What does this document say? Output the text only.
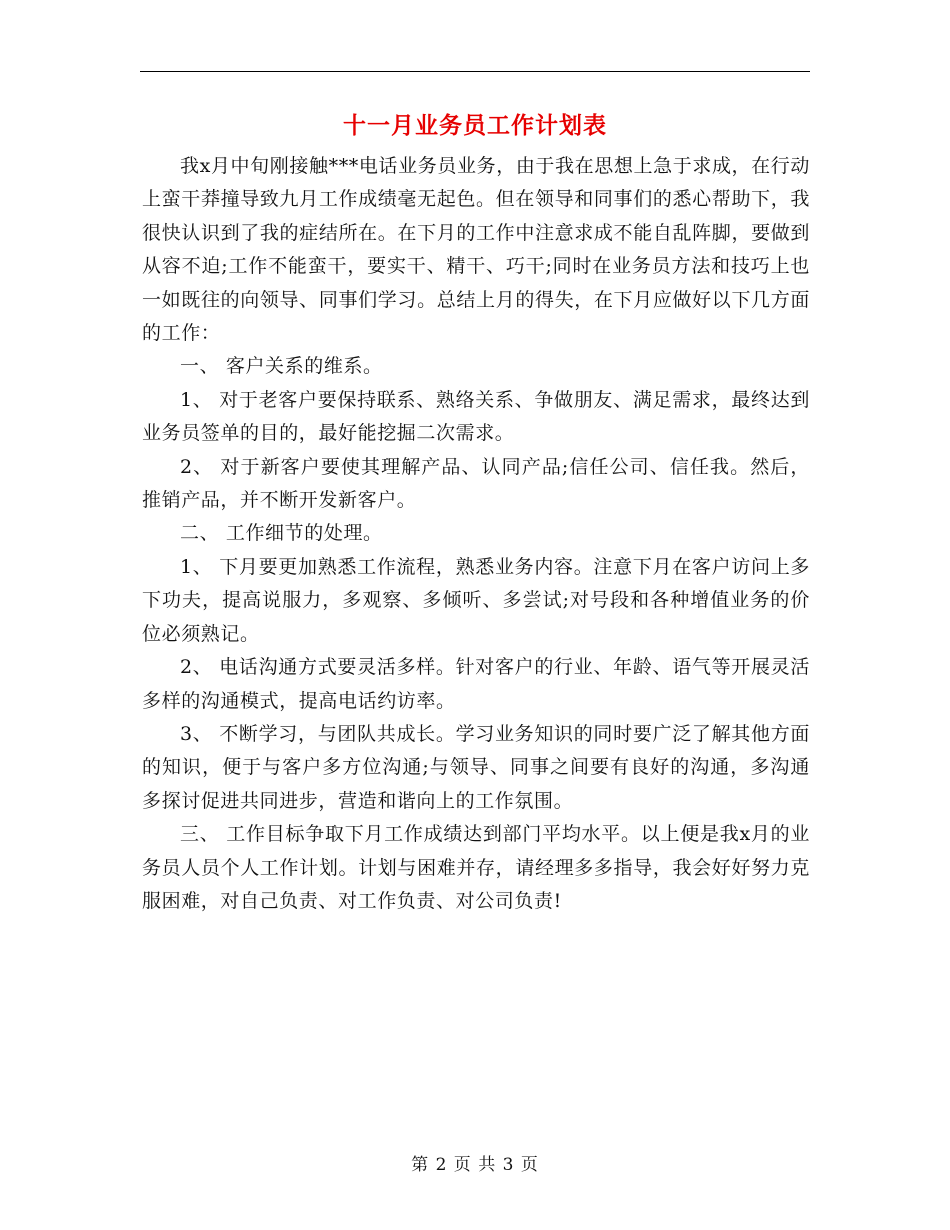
十一月业务员工作计划表

我x月中旬刚接触***电话业务员业务，由于我在思想上急于求成，在行动上蛮干莽撞导致九月工作成绩毫无起色。但在领导和同事们的悉心帮助下，我很快认识到了我的症结所在。在下月的工作中注意求成不能自乱阵脚，要做到从容不迫;工作不能蛮干，要实干、精干、巧干;同时在业务员方法和技巧上也一如既往的向领导、同事们学习。总结上月的得失，在下月应做好以下几方面的工作：

一、 客户关系的维系。

1、 对于老客户要保持联系、熟络关系、争做朋友、满足需求，最终达到业务员签单的目的，最好能挖掘二次需求。

2、 对于新客户要使其理解产品、认同产品;信任公司、信任我。然后，推销产品，并不断开发新客户。

二、 工作细节的处理。

1、 下月要更加熟悉工作流程，熟悉业务内容。注意下月在客户访问上多下功夫，提高说服力，多观察、多倾听、多尝试;对号段和各种增值业务的价位必须熟记。

2、 电话沟通方式要灵活多样。针对客户的行业、年龄、语气等开展灵活多样的沟通模式，提高电话约访率。

3、 不断学习，与团队共成长。学习业务知识的同时要广泛了解其他方面的知识，便于与客户多方位沟通;与领导、同事之间要有良好的沟通，多沟通多探讨促进共同进步，营造和谐向上的工作氛围。

三、 工作目标争取下月工作成绩达到部门平均水平。以上便是我x月的业务员人员个人工作计划。计划与困难并存，请经理多多指导，我会好好努力克服困难，对自己负责、对工作负责、对公司负责!

第 2 页 共 3 页
